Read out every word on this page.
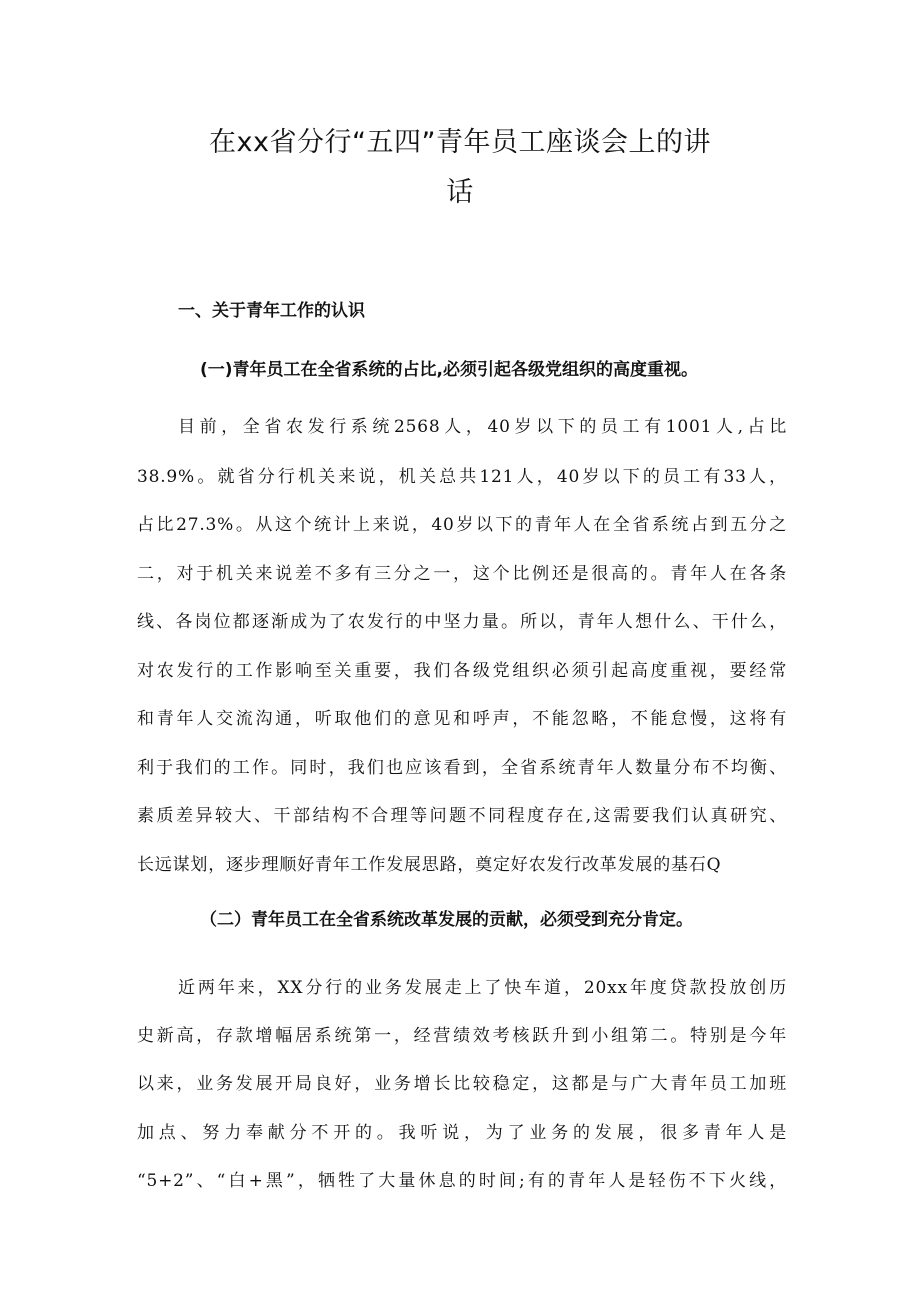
在xx省分行“五四”青年员工座谈会上的讲
话
一、关于青年工作的认识
(一)青年员工在全省系统的占比,必须引起各级党组织的高度重视。
目前，全省农发行系统2568人，40岁以下的员工有1001人,占比
38.9%。就省分行机关来说，机关总共121人，40岁以下的员工有33人，
占比27.3%。从这个统计上来说，40岁以下的青年人在全省系统占到五分之
二，对于机关来说差不多有三分之一，这个比例还是很高的。青年人在各条
线、各岗位都逐渐成为了农发行的中坚力量。所以，青年人想什么、干什么，
对农发行的工作影响至关重要，我们各级党组织必须引起高度重视，要经常
和青年人交流沟通，听取他们的意见和呼声，不能忽略，不能怠慢，这将有
利于我们的工作。同时，我们也应该看到，全省系统青年人数量分布不均衡、
素质差异较大、干部结构不合理等问题不同程度存在,这需要我们认真研究、
长远谋划，逐步理顺好青年工作发展思路，奠定好农发行改革发展的基石Q
（二）青年员工在全省系统改革发展的贡献，必须受到充分肯定。
近两年来，XX分行的业务发展走上了快车道，20xx年度贷款投放创历
史新高，存款增幅居系统第一，经营绩效考核跃升到小组第二。特别是今年
以来，业务发展开局良好，业务增长比较稳定，这都是与广大青年员工加班
加点、努力奉献分不开的。我听说，为了业务的发展，很多青年人是
“5+2”、“白+黑”，牺牲了大量休息的时间;有的青年人是轻伤不下火线，
